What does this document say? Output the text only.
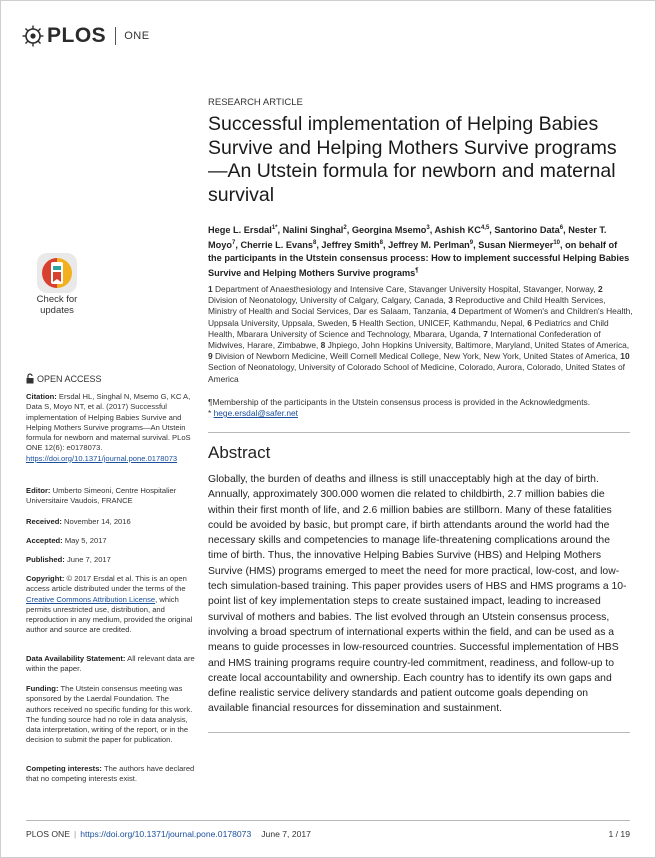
PLOS ONE
RESEARCH ARTICLE
Successful implementation of Helping Babies Survive and Helping Mothers Survive programs—An Utstein formula for newborn and maternal survival
Hege L. Ersdal$^{1*}$, Nalini Singhal$^2$, Georgina Msemo$^3$, Ashish KC$^{4,5}$, Santorino Data$^6$, Nester T. Moyo$^7$, Cherrie L. Evans$^8$, Jeffrey Smith$^8$, Jeffrey M. Perlman$^9$, Susan Niermeyer$^{10}$, on behalf of the participants in the Utstein consensus process: How to implement successful Helping Babies Survive and Helping Mothers Survive programs¶
1 Department of Anaesthesiology and Intensive Care, Stavanger University Hospital, Stavanger, Norway, 2 Division of Neonatology, University of Calgary, Calgary, Canada, 3 Reproductive and Child Health Services, Ministry of Health and Social Services, Dar es Salaam, Tanzania, 4 Department of Women's and Children's Health, Uppsala University, Uppsala, Sweden, 5 Health Section, UNICEF, Kathmandu, Nepal, 6 Pediatrics and Child Health, Mbarara University of Science and Technology, Mbarara, Uganda, 7 International Confederation of Midwives, Harare, Zimbabwe, 8 Jhpiego, John Hopkins University, Baltimore, Maryland, United States of America, 9 Division of Newborn Medicine, Weill Cornell Medical College, New York, New York, United States of America, 10 Section of Neonatology, University of Colorado School of Medicine, Colorado, Aurora, Colorado, United States of America
¶Membership of the participants in the Utstein consensus process is provided in the Acknowledgments.
* hege.ersdal@safer.net
Abstract
Globally, the burden of deaths and illness is still unacceptably high at the day of birth. Annually, approximately 300.000 women die related to childbirth, 2.7 million babies die within their first month of life, and 2.6 million babies are stillborn. Many of these fatalities could be avoided by basic, but prompt care, if birth attendants around the world had the necessary skills and competencies to manage life-threatening complications around the time of birth. Thus, the innovative Helping Babies Survive (HBS) and Helping Mothers Survive (HMS) programs emerged to meet the need for more practical, low-cost, and low-tech simulation-based training. This paper provides users of HBS and HMS programs a 10-point list of key implementation steps to create sustained impact, leading to increased survival of mothers and babies. The list evolved through an Utstein consensus process, involving a broad spectrum of international experts within the field, and can be used as a means to guide processes in low-resourced countries. Successful implementation of HBS and HMS training programs require country-led commitment, readiness, and follow-up to create local accountability and ownership. Each country has to identify its own gaps and define realistic service delivery standards and patient outcome goals depending on available financial resources for dissemination and sustainment.
Check for
updates
OPEN ACCESS
Citation: Ersdal HL, Singhal N, Msemo G, KC A, Data S, Moyo NT, et al. (2017) Successful implementation of Helping Babies Survive and Helping Mothers Survive programs—An Utstein formula for newborn and maternal survival. PLoS ONE 12(6): e0178073. https://doi.org/10.1371/journal.pone.0178073
Editor: Umberto Simeoni, Centre Hospitalier Universitaire Vaudois, FRANCE
Received: November 14, 2016
Accepted: May 5, 2017
Published: June 7, 2017
Copyright: © 2017 Ersdal et al. This is an open access article distributed under the terms of the Creative Commons Attribution License, which permits unrestricted use, distribution, and reproduction in any medium, provided the original author and source are credited.
Data Availability Statement: All relevant data are within the paper.
Funding: The Utstein consensus meeting was sponsored by the Laerdal Foundation. The authors received no specific funding for this work. The funding source had no role in data analysis, data interpretation, writing of the report, or in the decision to submit the paper for publication.
Competing interests: The authors have declared that no competing interests exist.
PLOS ONE | https://doi.org/10.1371/journal.pone.0178073 June 7, 2017	1 / 19
